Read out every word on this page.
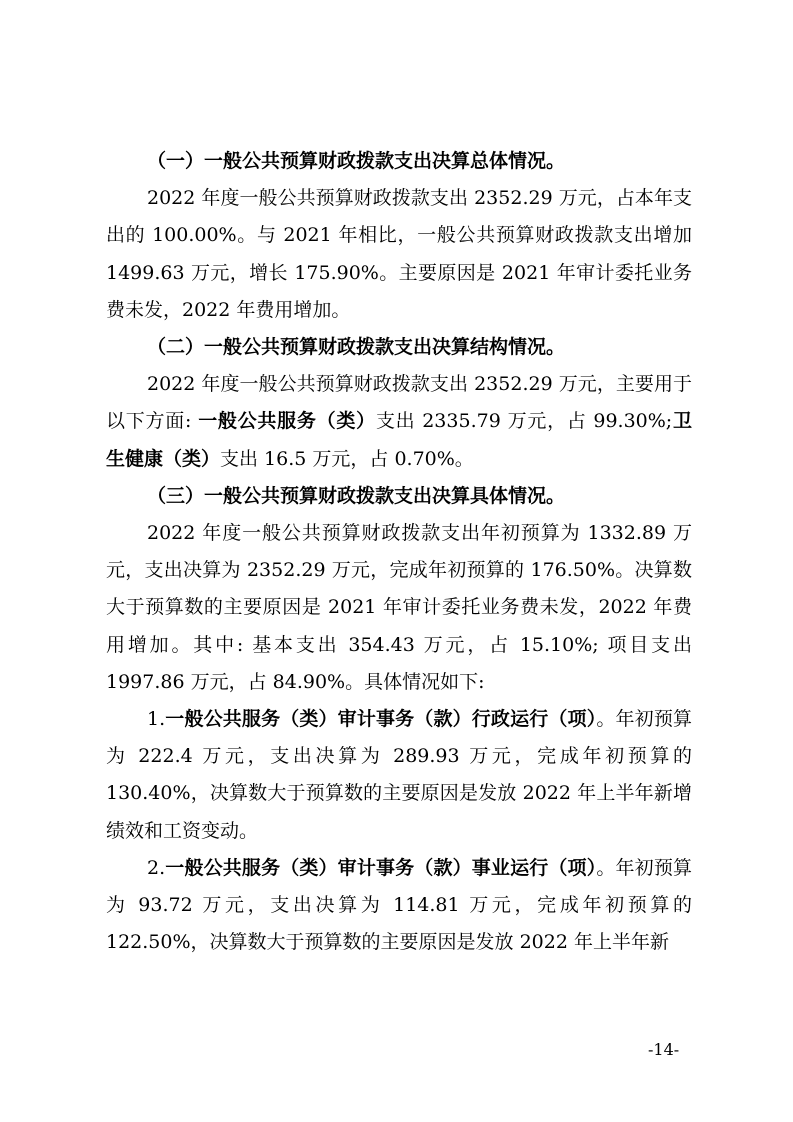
（一）一般公共预算财政拨款支出决算总体情况。

2022 年度一般公共预算财政拨款支出 2352.29 万元，占本年支出的 100.00%。与 2021 年相比，一般公共预算财政拨款支出增加 1499.63 万元，增长 175.90%。主要原因是 2021 年审计委托业务费未发，2022 年费用增加。

（二）一般公共预算财政拨款支出决算结构情况。

2022 年度一般公共预算财政拨款支出 2352.29 万元，主要用于以下方面: 一般公共服务（类）支出 2335.79 万元，占 99.30%;卫生健康（类）支出 16.5 万元，占 0.70%。

（三）一般公共预算财政拨款支出决算具体情况。

2022 年度一般公共预算财政拨款支出年初预算为 1332.89 万元，支出决算为 2352.29 万元，完成年初预算的 176.50%。决算数大于预算数的主要原因是 2021 年审计委托业务费未发，2022 年费用增加。其中: 基本支出 354.43 万元，占 15.10%; 项目支出 1997.86 万元，占 84.90%。具体情况如下:

1.一般公共服务（类）审计事务（款）行政运行（项）。年初预算为 222.4 万元，支出决算为 289.93 万元，完成年初预算的 130.40%，决算数大于预算数的主要原因是发放 2022 年上半年新增绩效和工资变动。

2.一般公共服务（类）审计事务（款）事业运行（项）。年初预算为 93.72 万元，支出决算为 114.81 万元，完成年初预算的 122.50%，决算数大于预算数的主要原因是发放 2022 年上半年新

-14-
